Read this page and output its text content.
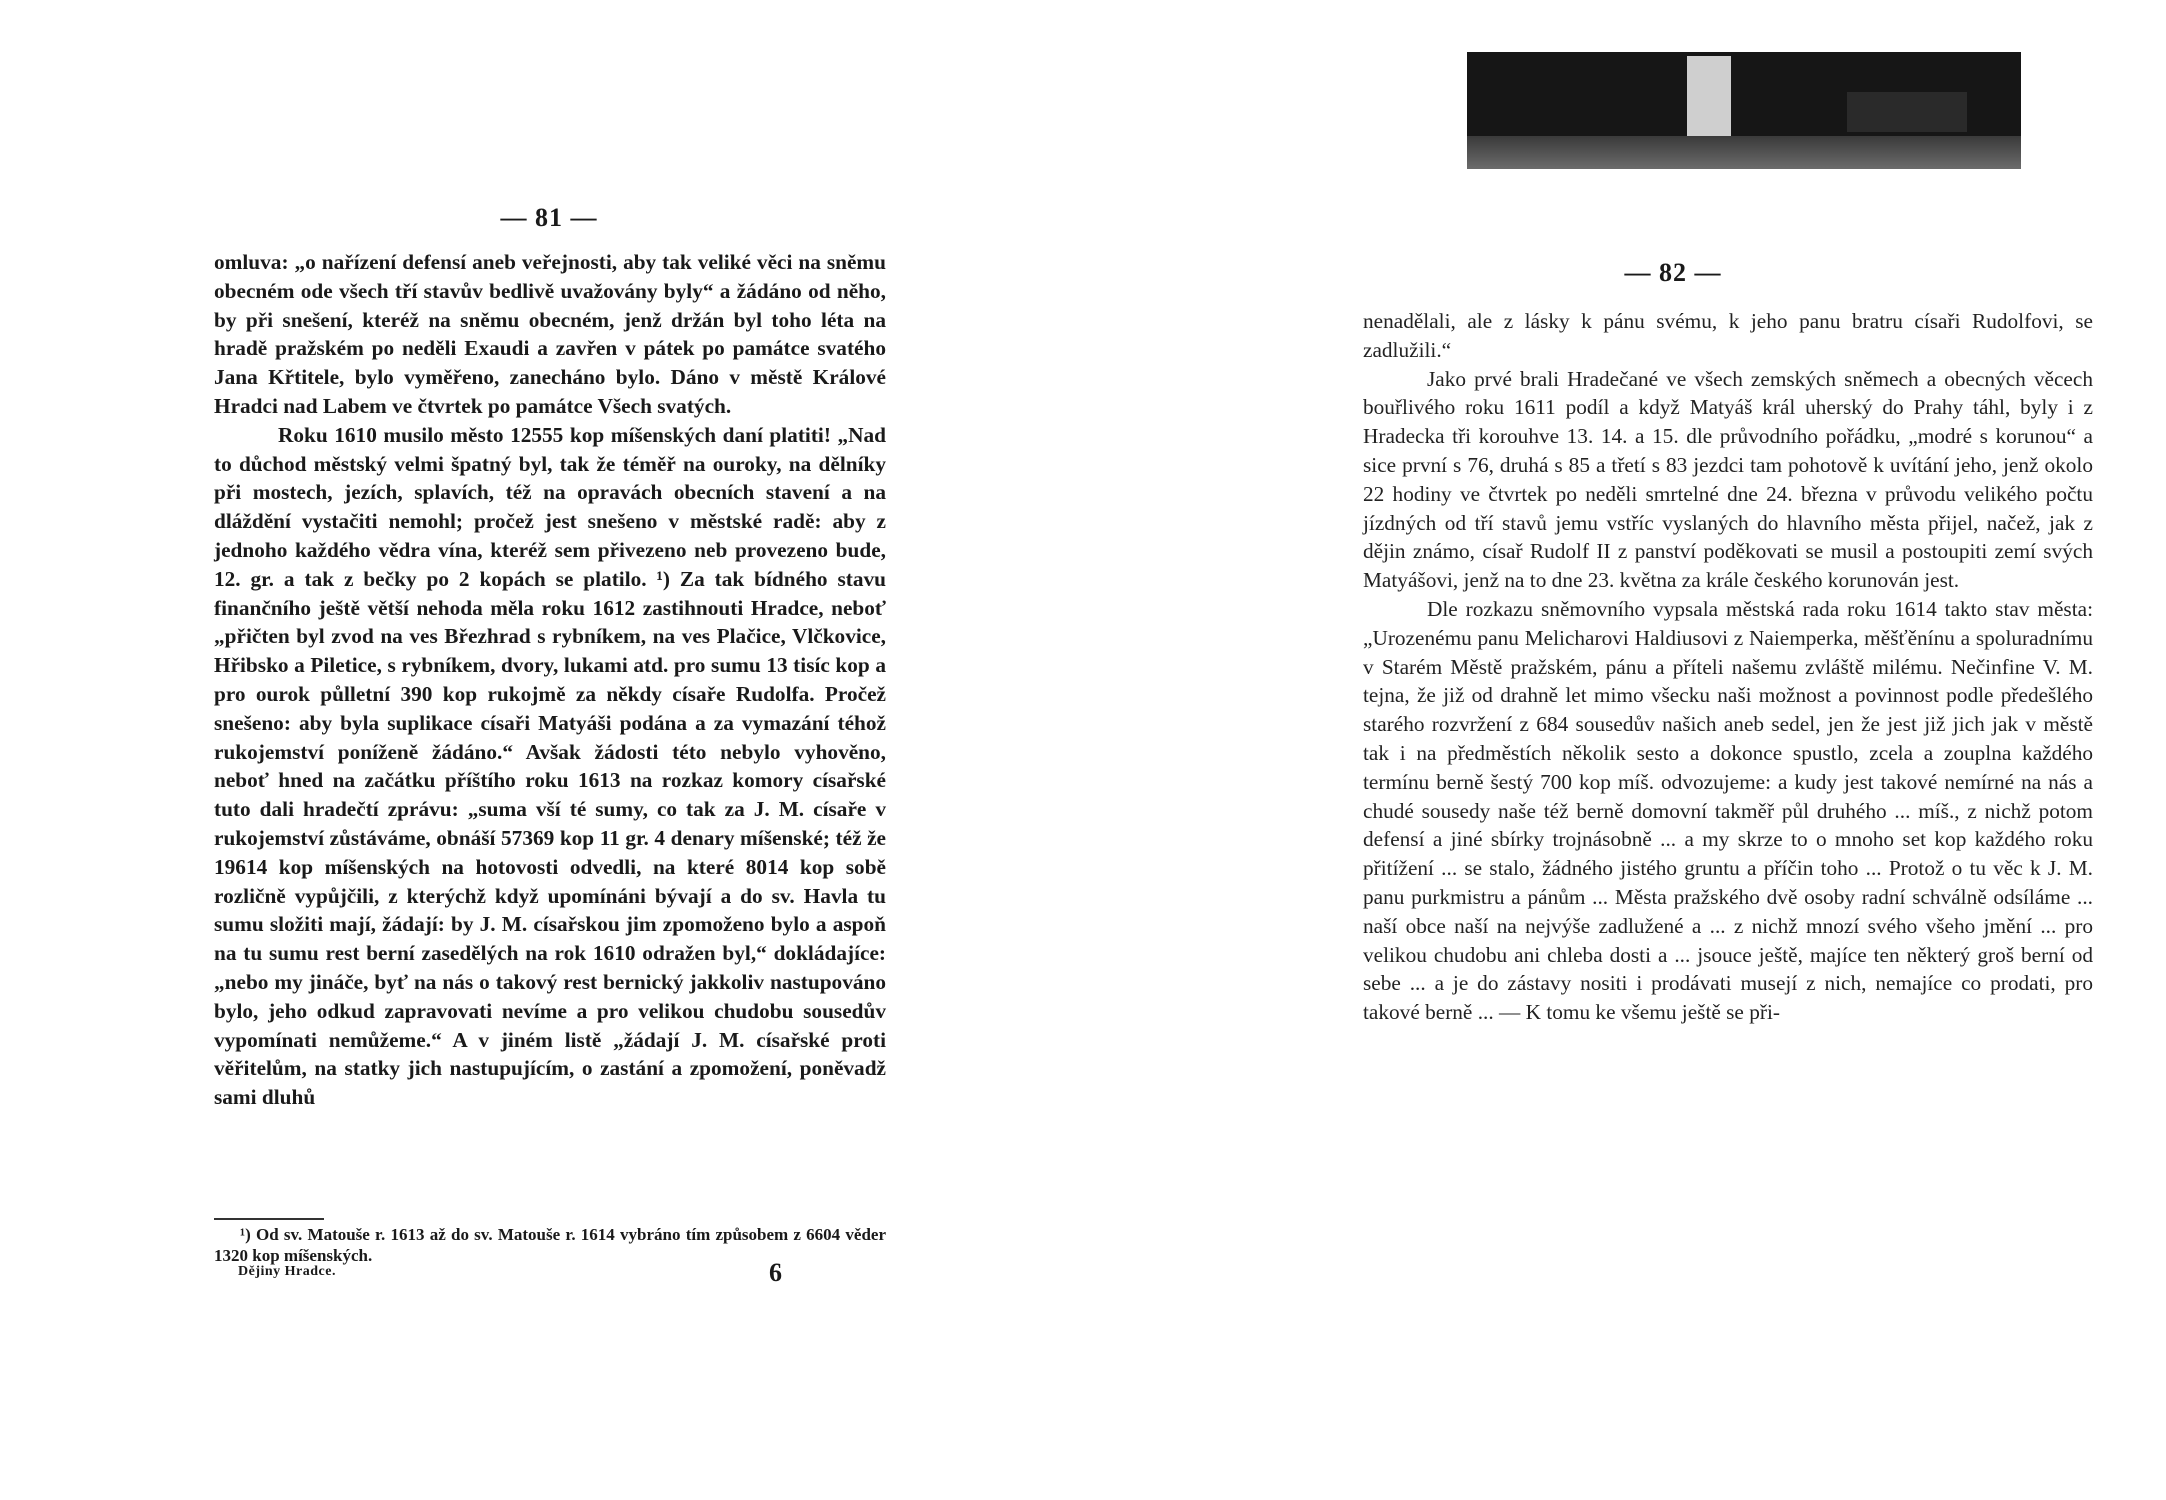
— 81 —

omluva: „o nařízení defensí aneb veřejnosti, aby tak veliké věci na sněmu obecném ode všech tří stavův bedlivě uvažovány byly“ a žádáno od něho, by při snešení, kteréž na sněmu obecném, jenž držán byl toho léta na hradě pražském po neděli Exaudi a zavřen v pátek po památce svatého Jana Křtitele, bylo vyměřeno, zanecháno bylo. Dáno v městě Králové Hradci nad Labem ve čtvrtek po památce Všech svatých.

Roku 1610 musilo město 12555 kop míšenských daní platiti! „Nad to důchod městský velmi špatný byl, tak že téměř na ouroky, na dělníky při mostech, jezích, splavích, též na opravách obecních stavení a na dláždění vystačiti nemohl; pročež jest snešeno v městské radě: aby z jednoho každého vědra vína, kteréž sem přivezeno neb provezeno bude, 12. gr. a tak z bečky po 2 kopách se platilo. ¹) Za tak bídného stavu finančního ještě větší nehoda měla roku 1612 zastihnouti Hradce, neboť „přičten byl zvod na ves Březhrad s rybníkem, na ves Plačice, Vlčkovice, Hřibsko a Piletice, s rybníkem, dvory, lukami atd. pro sumu 13 tisíc kop a pro ourok půlletní 390 kop rukojmě za někdy císaře Rudolfa. Pročež snešeno: aby byla suplikace císaři Matyáši podána a za vymazání téhož rukojemství poníženě žádáno.“ Avšak žádosti této nebylo vyhověno, neboť hned na začátku příštího roku 1613 na rozkaz komory císařské tuto dali hradečtí zprávu: „suma vší té sumy, co tak za J. M. císaře v rukojemství zůstáváme, obnáší 57369 kop 11 gr. 4 denary míšenské; též že 19614 kop míšenských na hotovosti odvedli, na které 8014 kop sobě rozličně vypůjčili, z kterýchž když upomínáni bývají a do sv. Havla tu sumu složiti mají, žádají: by J. M. císařskou jim zpomoženo bylo a aspoň na tu sumu rest berní zasedělých na rok 1610 odražen byl,“ dokládajíce: „nebo my jináče, byť na nás o takový rest bernický jakkoliv nastupováno bylo, jeho odkud zapravovati nevíme a pro velikou chudobu sousedův vypomínati nemůžeme.“ A v jiném listě „žádají J. M. císařské proti věřitelům, na statky jich nastupujícím, o zastání a zpomožení, poněvadž sami dluhů

¹) Od sv. Matouše r. 1613 až do sv. Matouše r. 1614 vybráno tím způsobem z 6604 věder 1320 kop míšenských.
Dějiny Hradce.	6
— 82 —

nenadělali, ale z lásky k pánu svému, k jeho panu bratru císaři Rudolfovi, se zadlužili.“

Jako prvé brali Hradečané ve všech zemských sněmech a obecných věcech bouřlivého roku 1611 podíl a když Matyáš král uherský do Prahy táhl, byly i z Hradecka tři korouhve 13. 14. a 15. dle průvodního pořádku, „modré s korunou“ a sice první s 76, druhá s 85 a třetí s 83 jezdci tam pohotově k uvítání jeho, jenž okolo 22 hodiny ve čtvrtek po neděli smrtelné dne 24. března v průvodu velikého počtu jízdných od tří stavů jemu vstříc vyslaných do hlavního města přijel, načež, jak z dějin známo, císař Rudolf II z panství poděkovati se musil a postoupiti zemí svých Matyášovi, jenž na to dne 23. května za krále českého korunován jest.

Dle rozkazu sněmovního vypsala městská rada roku 1614 takto stav města: „Urozenému panu Melicharovi Haldiusovi z Naiemperka, měšťěnínu a spoluradnímu v Starém Městě pražském, pánu a příteli našemu zvláště milému. Nečinfine V. M. tejna, že již od drahně let mimo všecku naši možnost a povinnost podle předešlého starého rozvržení z 684 sousedův našich aneb sedel, jen že jest již jich jak v městě tak i na předměstích několik sesto a dokonce spustlo, zcela a zouplna každého termínu berně šestý 700 kop míš. odvozujeme: a kudy jest takové nemírné na nás a chudé sousedy naše též berně domovní takměř půl druhého ... míš., z nichž potom defensí a jiné sbírky trojnásobně ... a my skrze to o mnoho set kop každého roku přitížení ... se stalo, žádného jistého gruntu a příčin toho ... Protož o tu věc k J. M. panu purkmistru a pánům ... Města pražského dvě osoby radní schválně odsíláme ... naší obce naší na nejvýše zadlužené a ... z nichž mnozí svého všeho jmění ... pro velikou chudobu ani chleba dosti a ... jsouce ještě, majíce ten některý groš berní od sebe ... a je do zástavy nositi i prodávati musejí z nich, nemajíce co prodati, pro takové berně ... — K tomu ke všemu ještě se při-
